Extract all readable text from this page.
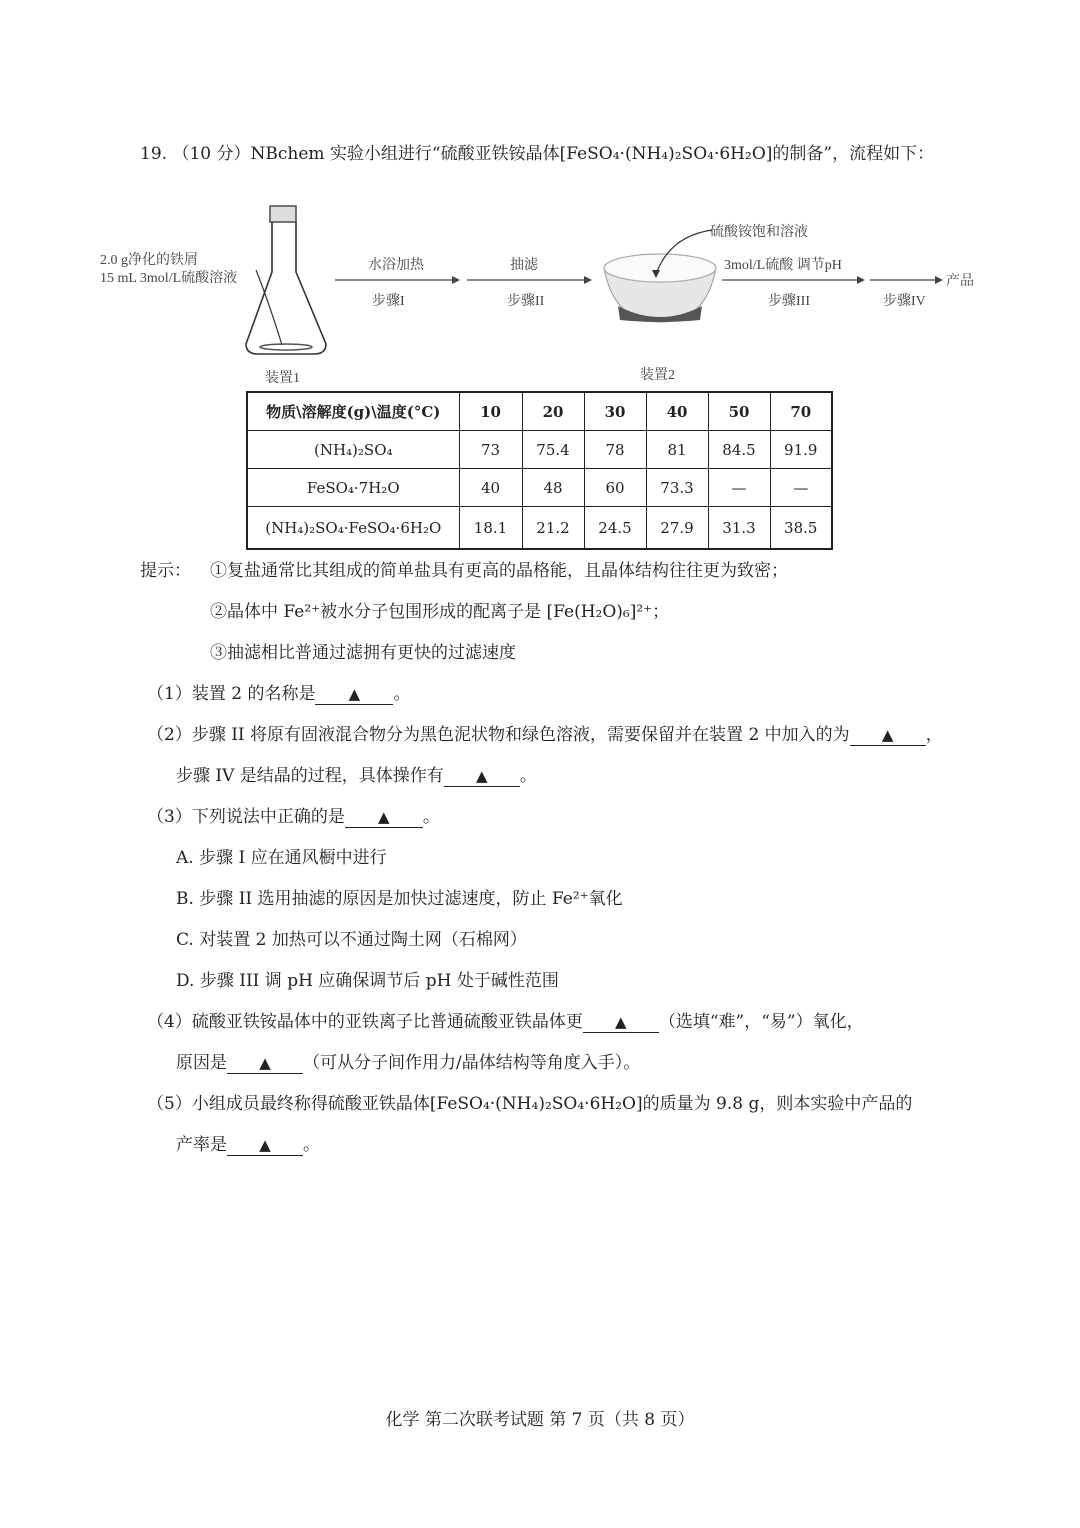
19. （10 分）NBchem 实验小组进行“硫酸亚铁铵晶体[FeSO₄·(NH₄)₂SO₄·6H₂O]的制备”，流程如下：
2.0 g净化的铁屑
15 mL 3mol/L硫酸溶液
装置1	装置2
硫酸铵饱和溶液
产品
水浴加热
步骤I
抽滤
步骤II
3mol/L硫酸 调节pH
步骤III	步骤IV
物质\溶解度(g)\温度(°C)	10	20	30	40	50	70
(NH₄)₂SO₄	73	75.4	78	81	84.5	91.9
FeSO₄·7H₂O	40	48	60	73.3	—	—
(NH₄)₂SO₄·FeSO₄·6H₂O	18.1	21.2	24.5	27.9	31.3	38.5
提示： ①复盐通常比其组成的简单盐具有更高的晶格能，且晶体结构往往更为致密；
②晶体中 Fe²⁺被水分子包围形成的配离子是 [Fe(H₂O)₆]²⁺；
③抽滤相比普通过滤拥有更快的过滤速度
（1）装置 2 的名称是 ▲ 。
（2）步骤 II 将原有固液混合物分为黑色泥状物和绿色溶液，需要保留并在装置 2 中加入的为 ▲ ，
步骤 IV 是结晶的过程，具体操作有 ▲ 。
（3）下列说法中正确的是 ▲ 。
A. 步骤 I 应在通风橱中进行
B. 步骤 II 选用抽滤的原因是加快过滤速度，防止 Fe²⁺氧化
C. 对装置 2 加热可以不通过陶土网（石棉网）
D. 步骤 III 调 pH 应确保调节后 pH 处于碱性范围
（4）硫酸亚铁铵晶体中的亚铁离子比普通硫酸亚铁晶体更 ▲ （选填“难”，“易”）氧化，
原因是 ▲ （可从分子间作用力/晶体结构等角度入手）。
（5）小组成员最终称得硫酸亚铁晶体[FeSO₄·(NH₄)₂SO₄·6H₂O]的质量为 9.8 g，则本实验中产品的
产率是 ▲ 。
化学 第二次联考试题 第 7 页（共 8 页）
